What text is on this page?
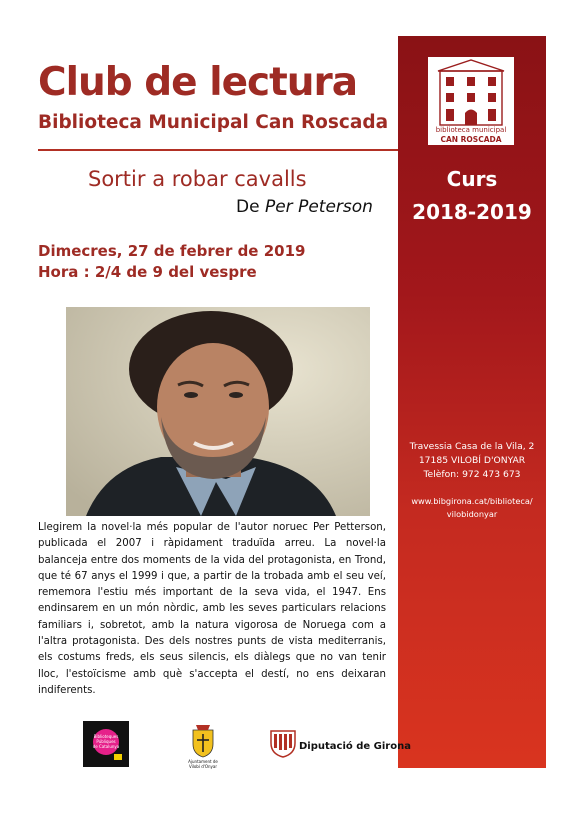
biblioteca municipal
CAN ROSCADA
Curs
2018-2019
Travessia Casa de la Vila, 2
17185 VILOBÍ D'ONYAR
Telèfon: 972 473 673
www.bibgirona.cat/biblioteca/
vilobidonyar
Club de lectura
Biblioteca Municipal Can Roscada
Sortir a robar cavalls
De Per Peterson
Dimecres, 27 de febrer de 2019
Hora : 2/4 de 9 del vespre
Llegirem la novel·la més popular de l'autor noruec Per Petterson, publicada el 2007 i ràpidament traduïda arreu. La novel·la balanceja entre dos moments de la vida del protagonista, en Trond, que té 67 anys el 1999 i que, a partir de la trobada amb el seu veí, rememora l'estiu més important de la seva vida, el 1947. Ens endinsarem en un món nòrdic, amb les seves particulars relacions familiars i, sobretot, amb la natura vigorosa de Noruega com a l'altra protagonista. Des dels nostres punts de vista mediterranis, els costums freds, els seus silencis, els diàlegs que no van tenir lloc, l'estoïcisme amb què s'accepta el destí, no ens deixaran indiferents.
Biblioteques
Públiques
de Catalunya
Ajuntament de
Vilobí d'Onyar
Diputació de Girona
